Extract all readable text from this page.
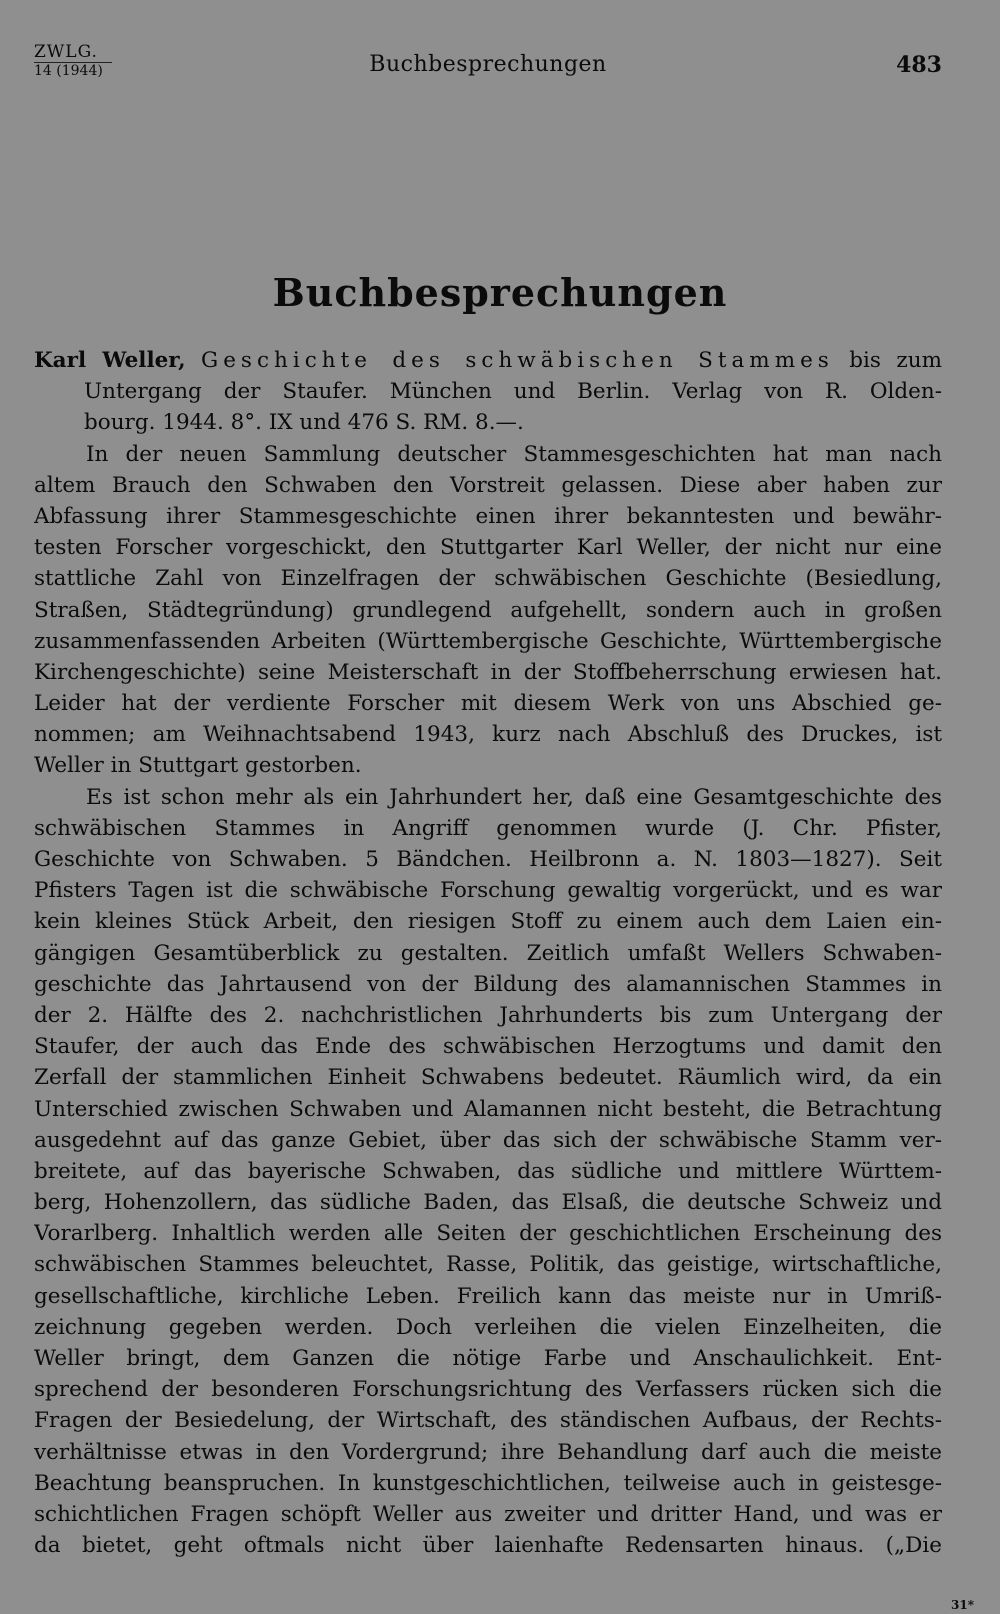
ZWLG.
14 (1944)	Buchbesprechungen	483
Buchbesprechungen
Karl Weller, Geschichte des schwäbischen Stammes bis zum
Untergang der Staufer. München und Berlin. Verlag von R. Olden-
bourg. 1944. 8°. IX und 476 S. RM. 8.—.
In der neuen Sammlung deutscher Stammesgeschichten hat man nach
altem Brauch den Schwaben den Vorstreit gelassen. Diese aber haben zur
Abfassung ihrer Stammesgeschichte einen ihrer bekanntesten und bewähr-
testen Forscher vorgeschickt, den Stuttgarter Karl Weller, der nicht nur eine
stattliche Zahl von Einzelfragen der schwäbischen Geschichte (Besiedlung,
Straßen, Städtegründung) grundlegend aufgehellt, sondern auch in großen
zusammenfassenden Arbeiten (Württembergische Geschichte, Württembergische
Kirchengeschichte) seine Meisterschaft in der Stoffbeherrschung erwiesen hat.
Leider hat der verdiente Forscher mit diesem Werk von uns Abschied ge-
nommen; am Weihnachtsabend 1943, kurz nach Abschluß des Druckes, ist
Weller in Stuttgart gestorben.
Es ist schon mehr als ein Jahrhundert her, daß eine Gesamtgeschichte des
schwäbischen Stammes in Angriff genommen wurde (J. Chr. Pfister,
Geschichte von Schwaben. 5 Bändchen. Heilbronn a. N. 1803—1827). Seit
Pfisters Tagen ist die schwäbische Forschung gewaltig vorgerückt, und es war
kein kleines Stück Arbeit, den riesigen Stoff zu einem auch dem Laien ein-
gängigen Gesamtüberblick zu gestalten. Zeitlich umfaßt Wellers Schwaben-
geschichte das Jahrtausend von der Bildung des alamannischen Stammes in
der 2. Hälfte des 2. nachchristlichen Jahrhunderts bis zum Untergang der
Staufer, der auch das Ende des schwäbischen Herzogtums und damit den
Zerfall der stammlichen Einheit Schwabens bedeutet. Räumlich wird, da ein
Unterschied zwischen Schwaben und Alamannen nicht besteht, die Betrachtung
ausgedehnt auf das ganze Gebiet, über das sich der schwäbische Stamm ver-
breitete, auf das bayerische Schwaben, das südliche und mittlere Württem-
berg, Hohenzollern, das südliche Baden, das Elsaß, die deutsche Schweiz und
Vorarlberg. Inhaltlich werden alle Seiten der geschichtlichen Erscheinung des
schwäbischen Stammes beleuchtet, Rasse, Politik, das geistige, wirtschaftliche,
gesellschaftliche, kirchliche Leben. Freilich kann das meiste nur in Umriß-
zeichnung gegeben werden. Doch verleihen die vielen Einzelheiten, die
Weller bringt, dem Ganzen die nötige Farbe und Anschaulichkeit. Ent-
sprechend der besonderen Forschungsrichtung des Verfassers rücken sich die
Fragen der Besiedelung, der Wirtschaft, des ständischen Aufbaus, der Rechts-
verhältnisse etwas in den Vordergrund; ihre Behandlung darf auch die meiste
Beachtung beanspruchen. In kunstgeschichtlichen, teilweise auch in geistesge-
schichtlichen Fragen schöpft Weller aus zweiter und dritter Hand, und was er
da bietet, geht oftmals nicht über laienhafte Redensarten hinaus. („Die
31*
